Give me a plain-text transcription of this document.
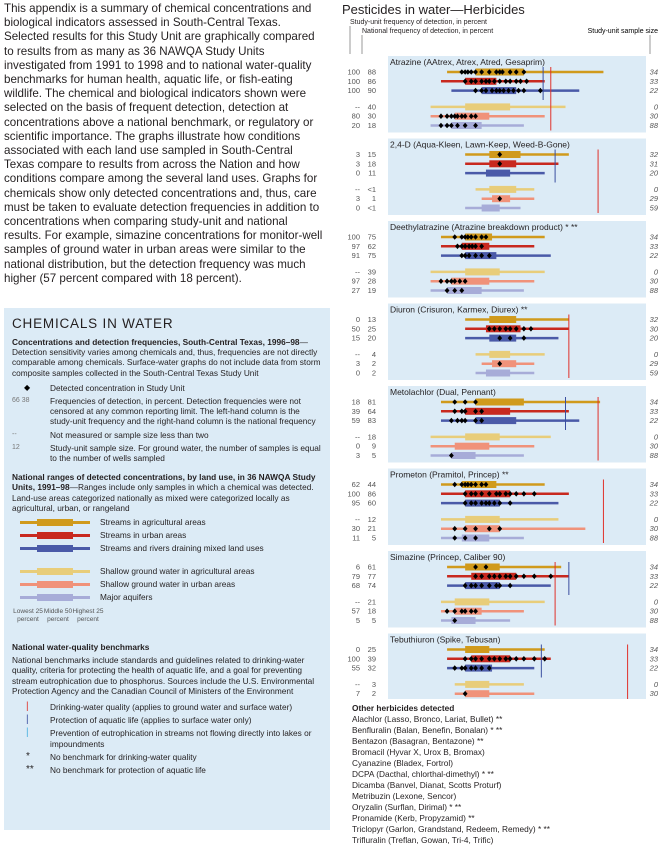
This appendix is a summary of chemical concentrations and biological indicators assessed in South-Central Texas. Selected results for this Study Unit are graphically compared to results from as many as 36 NAWQA Study Units investigated from 1991 to 1998 and to national water-quality benchmarks for human health, aquatic life, or fish-eating wildlife. The chemical and biological indicators shown were selected on the basis of frequent detection, detection at concentrations above a national benchmark, or regulatory or scientific importance. The graphs illustrate how conditions associated with each land use sampled in South-Central Texas compare to results from across the Nation and how conditions compare among the several land uses. Graphs for chemicals show only detected concentrations and, thus, care must be taken to evaluate detection frequencies in addition to concentrations when comparing study-unit and national results. For example, simazine concentrations for monitor-well samples of ground water in urban areas were similar to the national distribution, but the detection frequency was much higher (57 percent compared with 18 percent).

CHEMICALS IN WATER

Concentrations and detection frequencies, South-Central Texas, 1996–98—Detection sensitivity varies among chemicals and, thus, frequencies are not directly comparable among chemicals. Surface-water graphs do not include data from storm composite samples collected in the South-Central Texas Study Unit

◆	Detected concentration in Study Unit
66 38	Frequencies of detection, in percent. Detection frequencies were not censored at any common reporting limit. The left-hand column is the study-unit frequency and the right-hand column is the national frequency
--	Not measured or sample size less than two
12	Study-unit sample size. For ground water, the number of samples is equal to the number of wells sampled

National ranges of detected concentrations, by land use, in 36 NAWQA Study Units, 1991–98—Ranges include only samples in which a chemical was detected. Land-use areas categorized nationally as mixed were categorized locally as agricultural, urban, or rangeland

Streams in agricultural areas
Streams in urban areas
Streams and rivers draining mixed land uses
Shallow ground water in agricultural areas
Shallow ground water in urban areas
Major aquifers
Lowest 25 percent
Middle 50 percent
Highest 25 percent

National water-quality benchmarks

National benchmarks include standards and guidelines related to drinking-water quality, criteria for protecting the health of aquatic life, and a goal for preventing stream eutrophication due to phosphorus. Sources include the U.S. Environmental Protection Agency and the Canadian Council of Ministers of the Environment

|	Drinking-water quality (applies to ground water and surface water)
|	Protection of aquatic life (applies to surface water only)
|	Prevention of eutrophication in streams not flowing directly into lakes or impoundments
*	No benchmark for drinking-water quality
**	No benchmark for protection of aquatic life
Pesticides in water—Herbicides
Study-unit frequency of detection, in percent
National frequency of detection, in percent	Study-unit sample size
Atrazine (AAtrex, Atrex, Atred, Gesaprim)
100 88	34
100 86	33
100 90	22
-- 40	0
80 30	30
20 18	88
2,4-D (Aqua-Kleen, Lawn-Keep, Weed-B-Gone)
3 15	32
3 18	31
0 11	20
-- <1	0
3 1	29
0 <1	59
Deethylatrazine (Atrazine breakdown product) * **
100 75	34
97 62	33
91 75	22
-- 39	0
97 28	30
27 19	88
Diuron (Crisuron, Karmex, Diurex) **
0 13	32
50 25	30
15 20	20
-- 4	0
3 2	29
0 2	59
Metolachlor (Dual, Pennant)
18 81	34
39 64	33
59 83	22
-- 18	0
0 9	30
3 5	88
Prometon (Pramitol, Princep) **
62 44	34
100 86	33
95 60	22
-- 12	0
30 21	30
11 5	88
Simazine (Princep, Caliber 90)
6 61	34
79 77	33
68 74	22
-- 21	0
57 18	30
5 5	88
Tebuthiuron (Spike, Tebusan)
0 25	34
100 39	33
55 32	22
-- 3	0
7 2	30
Other herbicides detected
Alachlor (Lasso, Bronco, Lariat, Bullet) **
Benfluralin (Balan, Benefin, Bonalan) * **
Bentazon (Basagran, Bentazone) **
Bromacil (Hyvar X, Urox B, Bromax)
Cyanazine (Bladex, Fortrol)
DCPA (Dacthal, chlorthal-dimethyl) * **
Dicamba (Banvel, Dianat, Scotts Proturf)
Metribuzin (Lexone, Sencor)
Oryzalin (Surflan, Dirimal) * **
Pronamide (Kerb, Propyzamid) **
Triclopyr (Garlon, Grandstand, Redeem, Remedy) * **
Trifluralin (Treflan, Gowan, Tri-4, Trific)
